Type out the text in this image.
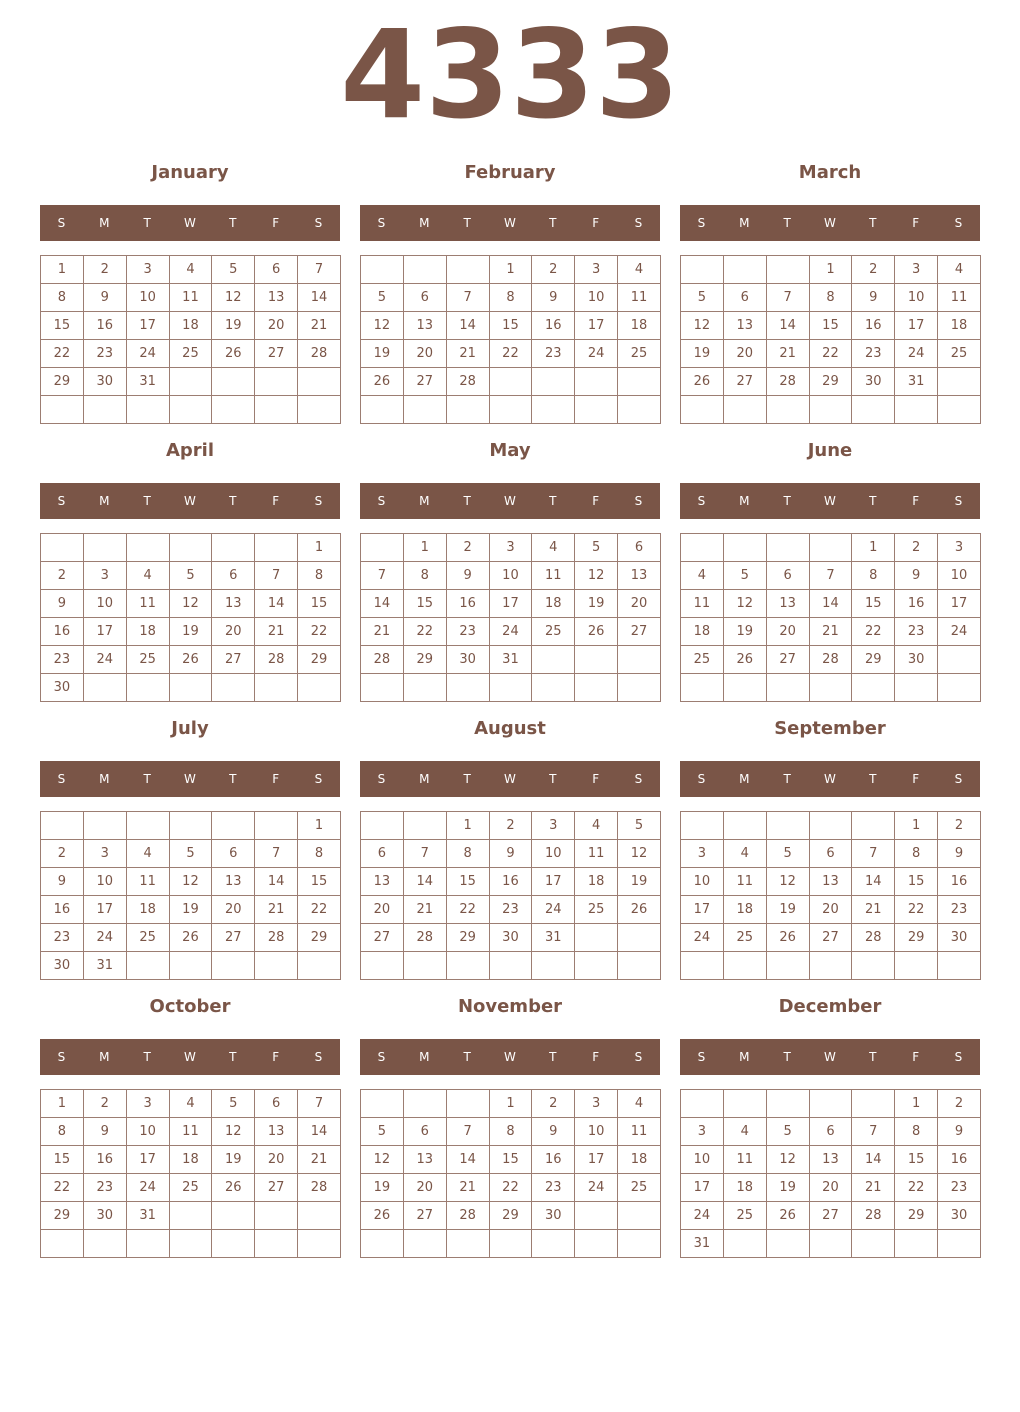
4333
January
S	M	T	W	T	F	S
1	2	3	4	5	6	7
8	9	10	11	12	13	14
15	16	17	18	19	20	21
22	23	24	25	26	27	28
29	30	31				

February
S	M	T	W	T	F	S
			1	2	3	4
5	6	7	8	9	10	11
12	13	14	15	16	17	18
19	20	21	22	23	24	25
26	27	28				

March
S	M	T	W	T	F	S
			1	2	3	4
5	6	7	8	9	10	11
12	13	14	15	16	17	18
19	20	21	22	23	24	25
26	27	28	29	30	31	

April
S	M	T	W	T	F	S
						1
2	3	4	5	6	7	8
9	10	11	12	13	14	15
16	17	18	19	20	21	22
23	24	25	26	27	28	29
30						
May
S	M	T	W	T	F	S
	1	2	3	4	5	6
7	8	9	10	11	12	13
14	15	16	17	18	19	20
21	22	23	24	25	26	27
28	29	30	31			

June
S	M	T	W	T	F	S
				1	2	3
4	5	6	7	8	9	10
11	12	13	14	15	16	17
18	19	20	21	22	23	24
25	26	27	28	29	30	

July
S	M	T	W	T	F	S
						1
2	3	4	5	6	7	8
9	10	11	12	13	14	15
16	17	18	19	20	21	22
23	24	25	26	27	28	29
30	31					
August
S	M	T	W	T	F	S
		1	2	3	4	5
6	7	8	9	10	11	12
13	14	15	16	17	18	19
20	21	22	23	24	25	26
27	28	29	30	31		

September
S	M	T	W	T	F	S
					1	2
3	4	5	6	7	8	9
10	11	12	13	14	15	16
17	18	19	20	21	22	23
24	25	26	27	28	29	30

October
S	M	T	W	T	F	S
1	2	3	4	5	6	7
8	9	10	11	12	13	14
15	16	17	18	19	20	21
22	23	24	25	26	27	28
29	30	31				

November
S	M	T	W	T	F	S
			1	2	3	4
5	6	7	8	9	10	11
12	13	14	15	16	17	18
19	20	21	22	23	24	25
26	27	28	29	30		

December
S	M	T	W	T	F	S
					1	2
3	4	5	6	7	8	9
10	11	12	13	14	15	16
17	18	19	20	21	22	23
24	25	26	27	28	29	30
31						
